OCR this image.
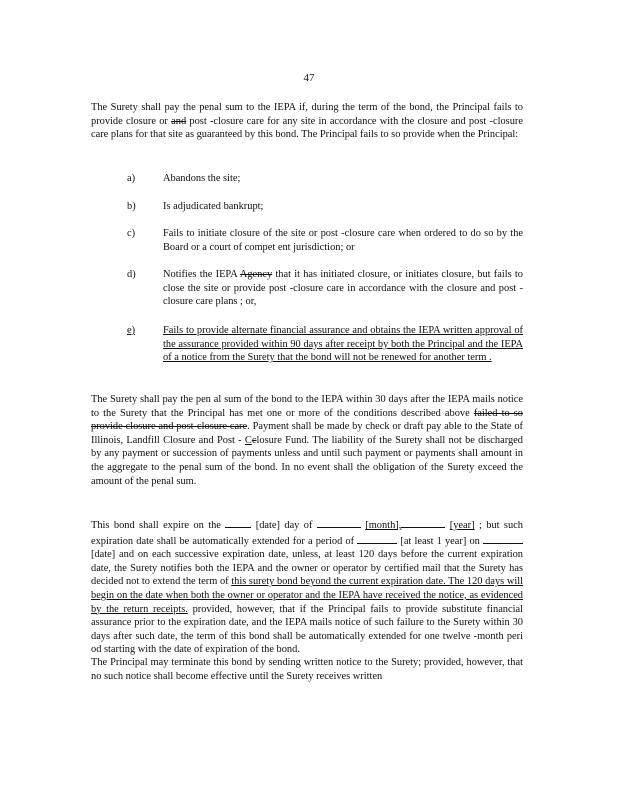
47

The Surety shall pay the penal sum to the IEPA if, during the term of the bond, the Principal fails to provide closure or and post -closure care for any site in accordance with the closure and post -closure care plans for that site as guaranteed by this bond. The Principal fails to so provide when the Principal:

a)	Abandons the site;
b)	Is adjudicated bankrupt;
c)	Fails to initiate closure of the site or post -closure care when ordered to do so by the Board or a court of compet ent jurisdiction; or
d)	Notifies the IEPA Agency that it has initiated closure, or initiates closure, but fails to close the site or provide post -closure care in accordance with the closure and post -closure care plans ; or,
e)	Fails to provide alternate financial assurance and obtains the IEPA written approval of the assurance provided within 90 days after receipt by both the Principal and the IEPA of a notice from the Surety that the bond will not be renewed for another term .

The Surety shall pay the pen al sum of the bond to the IEPA within 30 days after the IEPA mails notice to the Surety that the Principal has met one or more of the conditions described above failed to so provide closure and post-closure care. Payment shall be made by check or draft pay able to the State of Illinois, Landfill Closure and Post - Cclosure Fund. The liability of the Surety shall not be discharged by any payment or succession of payments unless and until such payment or payments shall amount in the aggregate to the penal sum of the bond. In no event shall the obligation of the Surety exceed the amount of the penal sum.

This bond shall expire on the	[date] day of	[month],	[year] ; but such expiration date shall be automatically extended for a period of	[at least 1 year] on  [date] and on each successive expiration date, unless, at least 120 days before the current expiration date, the Surety notifies both the IEPA and the owner or operator by certified mail that the Surety has decided not to extend the term of this surety bond beyond the current expiration date. The 120 days will begin on the date when both the owner or operator and the IEPA have received the notice, as evidenced by the return receipts. provided, however, that if the Principal fails to provide substitute financial assurance prior to the expiration date, and the IEPA mails notice of such failure to the Surety within 30 days after such date, the term of this bond shall be automatically extended for one twelve -month peri od starting with the date of expiration of the bond.

The Principal may terminate this bond by sending written notice to the Surety; provided, however, that no such notice shall become effective until the Surety receives written
